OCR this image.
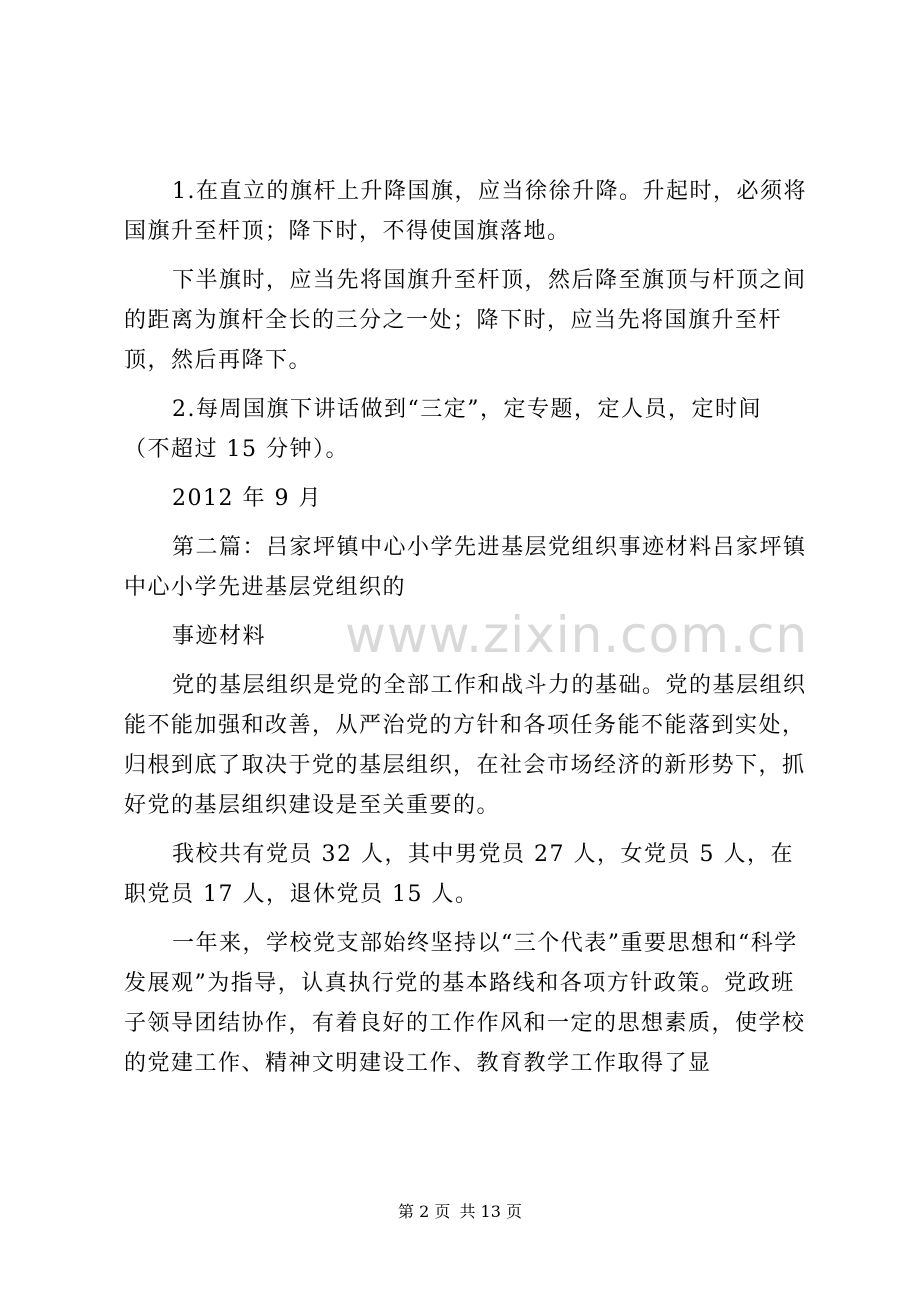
1.在直立的旗杆上升降国旗，应当徐徐升降。升起时，必须将国旗升至杆顶；降下时，不得使国旗落地。

下半旗时，应当先将国旗升至杆顶，然后降至旗顶与杆顶之间的距离为旗杆全长的三分之一处；降下时，应当先将国旗升至杆顶，然后再降下。

2.每周国旗下讲话做到“三定”，定专题，定人员，定时间（不超过 15 分钟）。

2012 年 9 月

第二篇：吕家坪镇中心小学先进基层党组织事迹材料吕家坪镇中心小学先进基层党组织的

事迹材料

党的基层组织是党的全部工作和战斗力的基础。党的基层组织能不能加强和改善，从严治党的方针和各项任务能不能落到实处，归根到底了取决于党的基层组织，在社会市场经济的新形势下，抓好党的基层组织建设是至关重要的。

我校共有党员 32 人，其中男党员 27 人，女党员 5 人，在职党员 17 人，退休党员 15 人。

一年来，学校党支部始终坚持以“三个代表”重要思想和“科学发展观”为指导，认真执行党的基本路线和各项方针政策。党政班子领导团结协作，有着良好的工作作风和一定的思想素质，使学校的党建工作、精神文明建设工作、教育教学工作取得了显

www.zixin.com.cn
第 2 页 共 13 页
